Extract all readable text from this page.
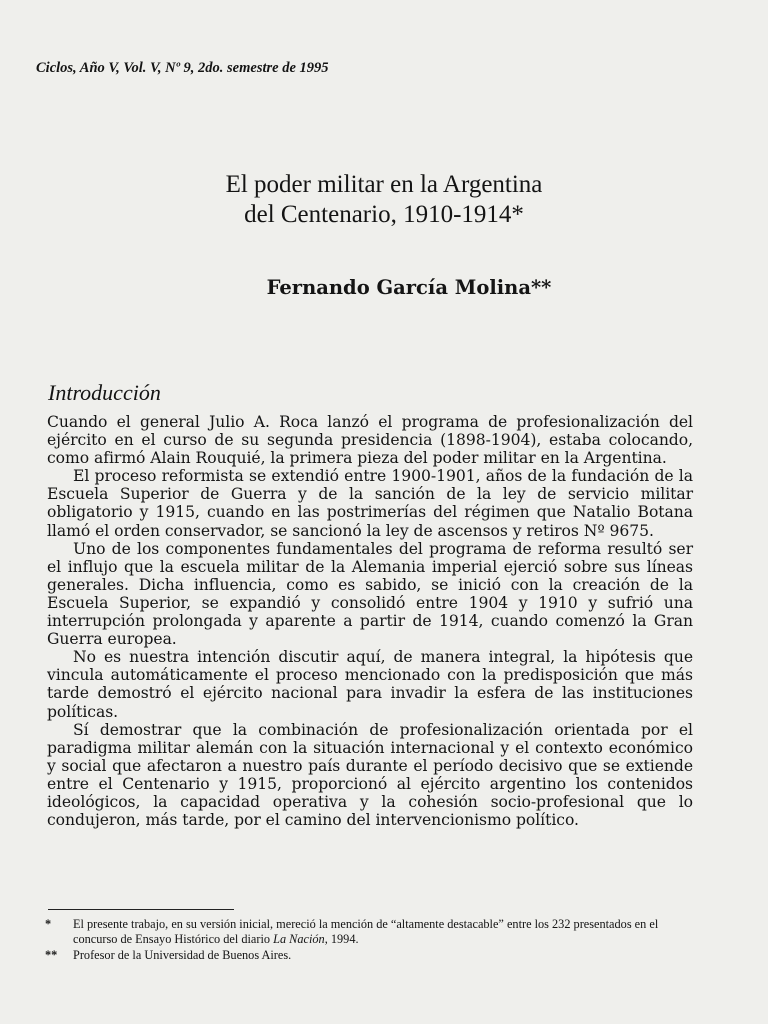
Ciclos, Año V, Vol. V, Nº 9, 2do. semestre de 1995
El poder militar en la Argentina
del Centenario, 1910-1914*
Fernando García Molina**
Introducción

Cuando el general Julio A. Roca lanzó el programa de profesionalización del ejército en el curso de su segunda presidencia (1898-1904), estaba colocando, como afirmó Alain Rouquié, la primera pieza del poder militar en la Argentina.

El proceso reformista se extendió entre 1900-1901, años de la fundación de la Escuela Superior de Guerra y de la sanción de la ley de servicio militar obligatorio y 1915, cuando en las postrimerías del régimen que Natalio Botana llamó el orden conservador, se sancionó la ley de ascensos y retiros Nº 9675.

Uno de los componentes fundamentales del programa de reforma resultó ser el influjo que la escuela militar de la Alemania imperial ejerció sobre sus líneas generales. Dicha influencia, como es sabido, se inició con la creación de la Escuela Superior, se expandió y consolidó entre 1904 y 1910 y sufrió una interrupción prolongada y aparente a partir de 1914, cuando comenzó la Gran Guerra europea.

No es nuestra intención discutir aquí, de manera integral, la hipótesis que vincula automáticamente el proceso mencionado con la predisposición que más tarde demostró el ejército nacional para invadir la esfera de las instituciones políticas.

Sí demostrar que la combinación de profesionalización orientada por el paradigma militar alemán con la situación internacional y el contexto económico y social que afectaron a nuestro país durante el período decisivo que se extiende entre el Centenario y 1915, proporcionó al ejército argentino los contenidos ideológicos, la capacidad operativa y la cohesión socio-profesional que lo condujeron, más tarde, por el camino del intervencionismo político.

*	El presente trabajo, en su versión inicial, mereció la mención de “altamente destacable” entre los 232 presentados en el concurso de Ensayo Histórico del diario La Nación, 1994.
**	Profesor de la Universidad de Buenos Aires.
